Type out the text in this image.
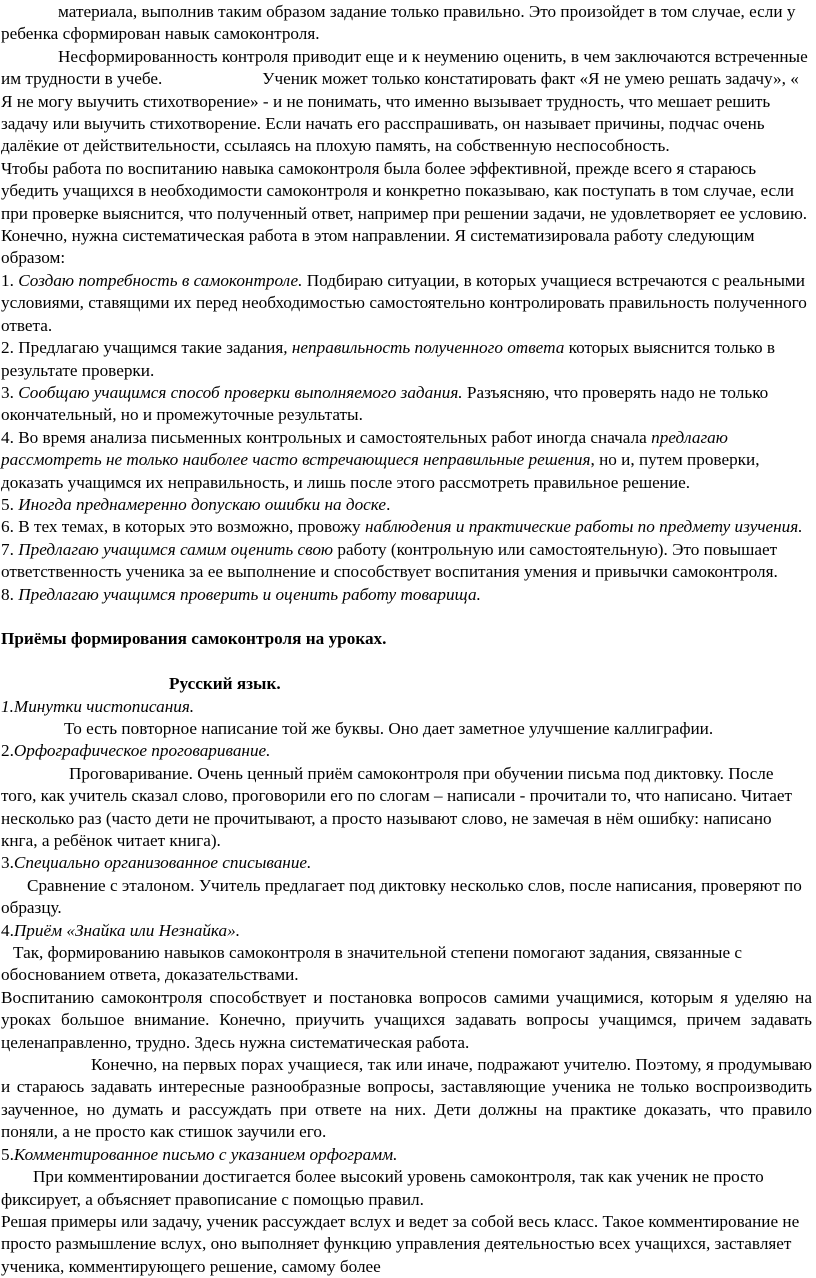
материала, выполнив таким образом задание только правильно. Это произойдет в том случае, если у ребенка сформирован навык самоконтроля.

Несформированность контроля приводит еще и к неумению оценить, в чем заключаются встреченные им трудности в учебе.	Ученик может только констатировать факт «Я не умею решать задачу», « Я не могу выучить стихотворение» - и не понимать, что именно вызывает трудность, что мешает решить задачу или выучить стихотворение. Если начать его расспрашивать, он называет причины, подчас очень далёкие от действительности, ссылаясь на плохую память, на собственную неспособность.

Чтобы работа по воспитанию навыка самоконтроля была более эффективной, прежде всего я стараюсь убедить учащихся в необходимости самоконтроля и конкретно показываю, как поступать в том случае, если при проверке выяснится, что полученный ответ, например при решении задачи, не удовлетворяет ее условию. Конечно, нужна систематическая работа в этом направлении. Я систематизировала работу следующим образом:

1. Создаю потребность в самоконтроле. Подбираю ситуации, в которых учащиеся встречаются с реальными условиями, ставящими их перед необходимостью самостоятельно контролировать правильность полученного ответа.

2. Предлагаю учащимся такие задания, неправильность полученного ответа которых выяснится только в результате проверки.

3. Сообщаю учащимся способ проверки выполняемого задания. Разъясняю, что проверять надо не только окончательный, но и промежуточные результаты.

4. Во время анализа письменных контрольных и самостоятельных работ иногда сначала предлагаю рассмотреть не только наиболее часто встречающиеся неправильные решения, но и, путем проверки, доказать учащимся их неправильность, и лишь после этого рассмотреть правильное решение.

5. Иногда преднамеренно допускаю ошибки на доске.

6. В тех темах, в которых это возможно, провожу наблюдения и практические работы по предмету изучения.

7. Предлагаю учащимся самим оценить свою работу (контрольную или самостоятельную). Это повышает ответственность ученика за ее выполнение и способствует воспитания умения и привычки самоконтроля.

8. Предлагаю учащимся проверить и оценить работу товарища.

Приёмы формирования самоконтроля на уроках.

Русский язык.

1.Минутки чистописания.

То есть повторное написание той же буквы. Оно дает заметное улучшение каллиграфии.

2.Орфографическое проговаривание.

Проговаривание. Очень ценный приём самоконтроля при обучении письма под диктовку. После того, как учитель сказал слово, проговорили его по слогам – написали - прочитали то, что написано. Читает несколько раз (часто дети не прочитывают, а просто называют слово, не замечая в нём ошибку: написано кнга, а ребёнок читает книга).

3.Специально организованное списывание.

Сравнение с эталоном. Учитель предлагает под диктовку несколько слов, после написания, проверяют по образцу.

4.Приём «Знайка или Незнайка».

Так, формированию навыков самоконтроля в значительной степени помогают задания, связанные с обоснованием ответа, доказательствами.

Воспитанию самоконтроля способствует и постановка вопросов самими учащимися, которым я уделяю на уроках большое внимание. Конечно, приучить учащихся задавать вопросы учащимся, причем задавать целенаправленно, трудно. Здесь нужна систематическая работа.

Конечно, на первых порах учащиеся, так или иначе, подражают учителю. Поэтому, я продумываю и стараюсь задавать интересные разнообразные вопросы, заставляющие ученика не только воспроизводить заученное, но думать и рассуждать при ответе на них. Дети должны на практике доказать, что правило поняли, а не просто как стишок заучили его.

5.Комментированное письмо с указанием орфограмм.

При комментировании достигается более высокий уровень самоконтроля, так как ученик не просто фиксирует, а объясняет правописание с помощью правил.

Решая примеры или задачу, ученик рассуждает вслух и ведет за собой весь класс. Такое комментирование не просто размышление вслух, оно выполняет функцию управления деятельностью всех учащихся, заставляет ученика, комментирующего решение, самому более
